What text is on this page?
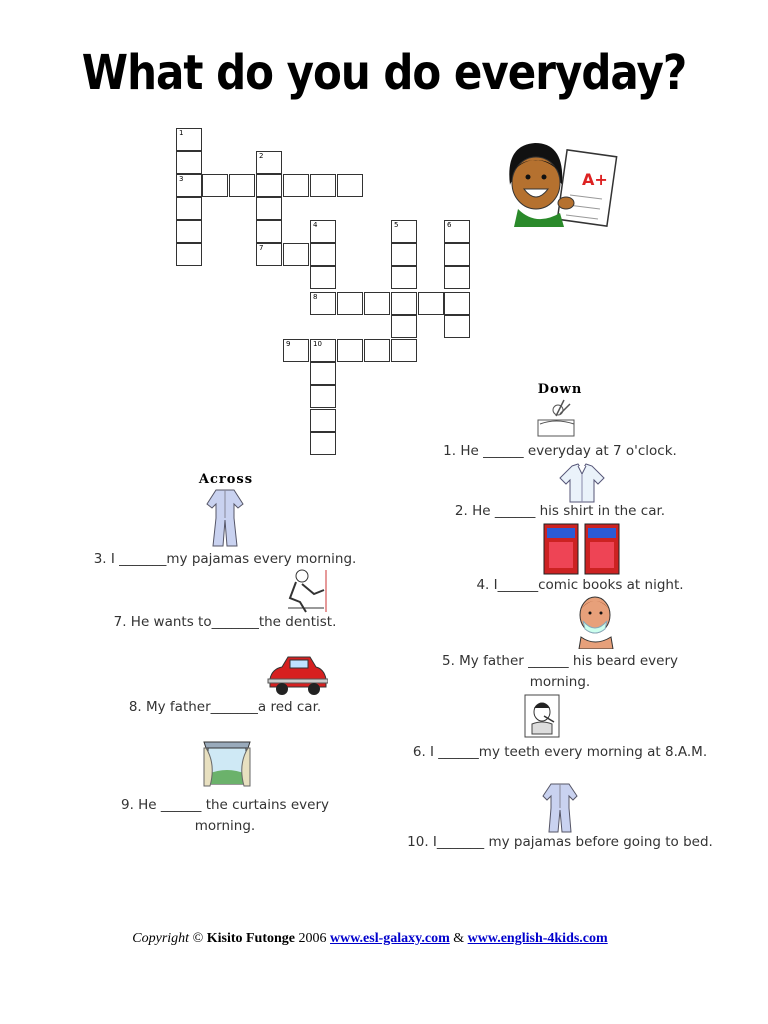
What do you do everyday?
1
3
2
7
4
8
5	6
9	10
A+
Down
1. He ______ everyday at 7 o'clock.
2. He ______ his shirt in the car.
4. I______comic books at night.
5. My father ______ his beard every morning.
6. I ______my teeth every morning at 8.A.M.
10. I_______ my pajamas before going to bed.
Across
3. I _______my pajamas every morning.
7. He wants to_______the dentist.
8. My father_______a red car.
9. He ______ the curtains every morning.
Copyright © Kisito Futonge 2006 www.esl-galaxy.com & www.english-4kids.com
